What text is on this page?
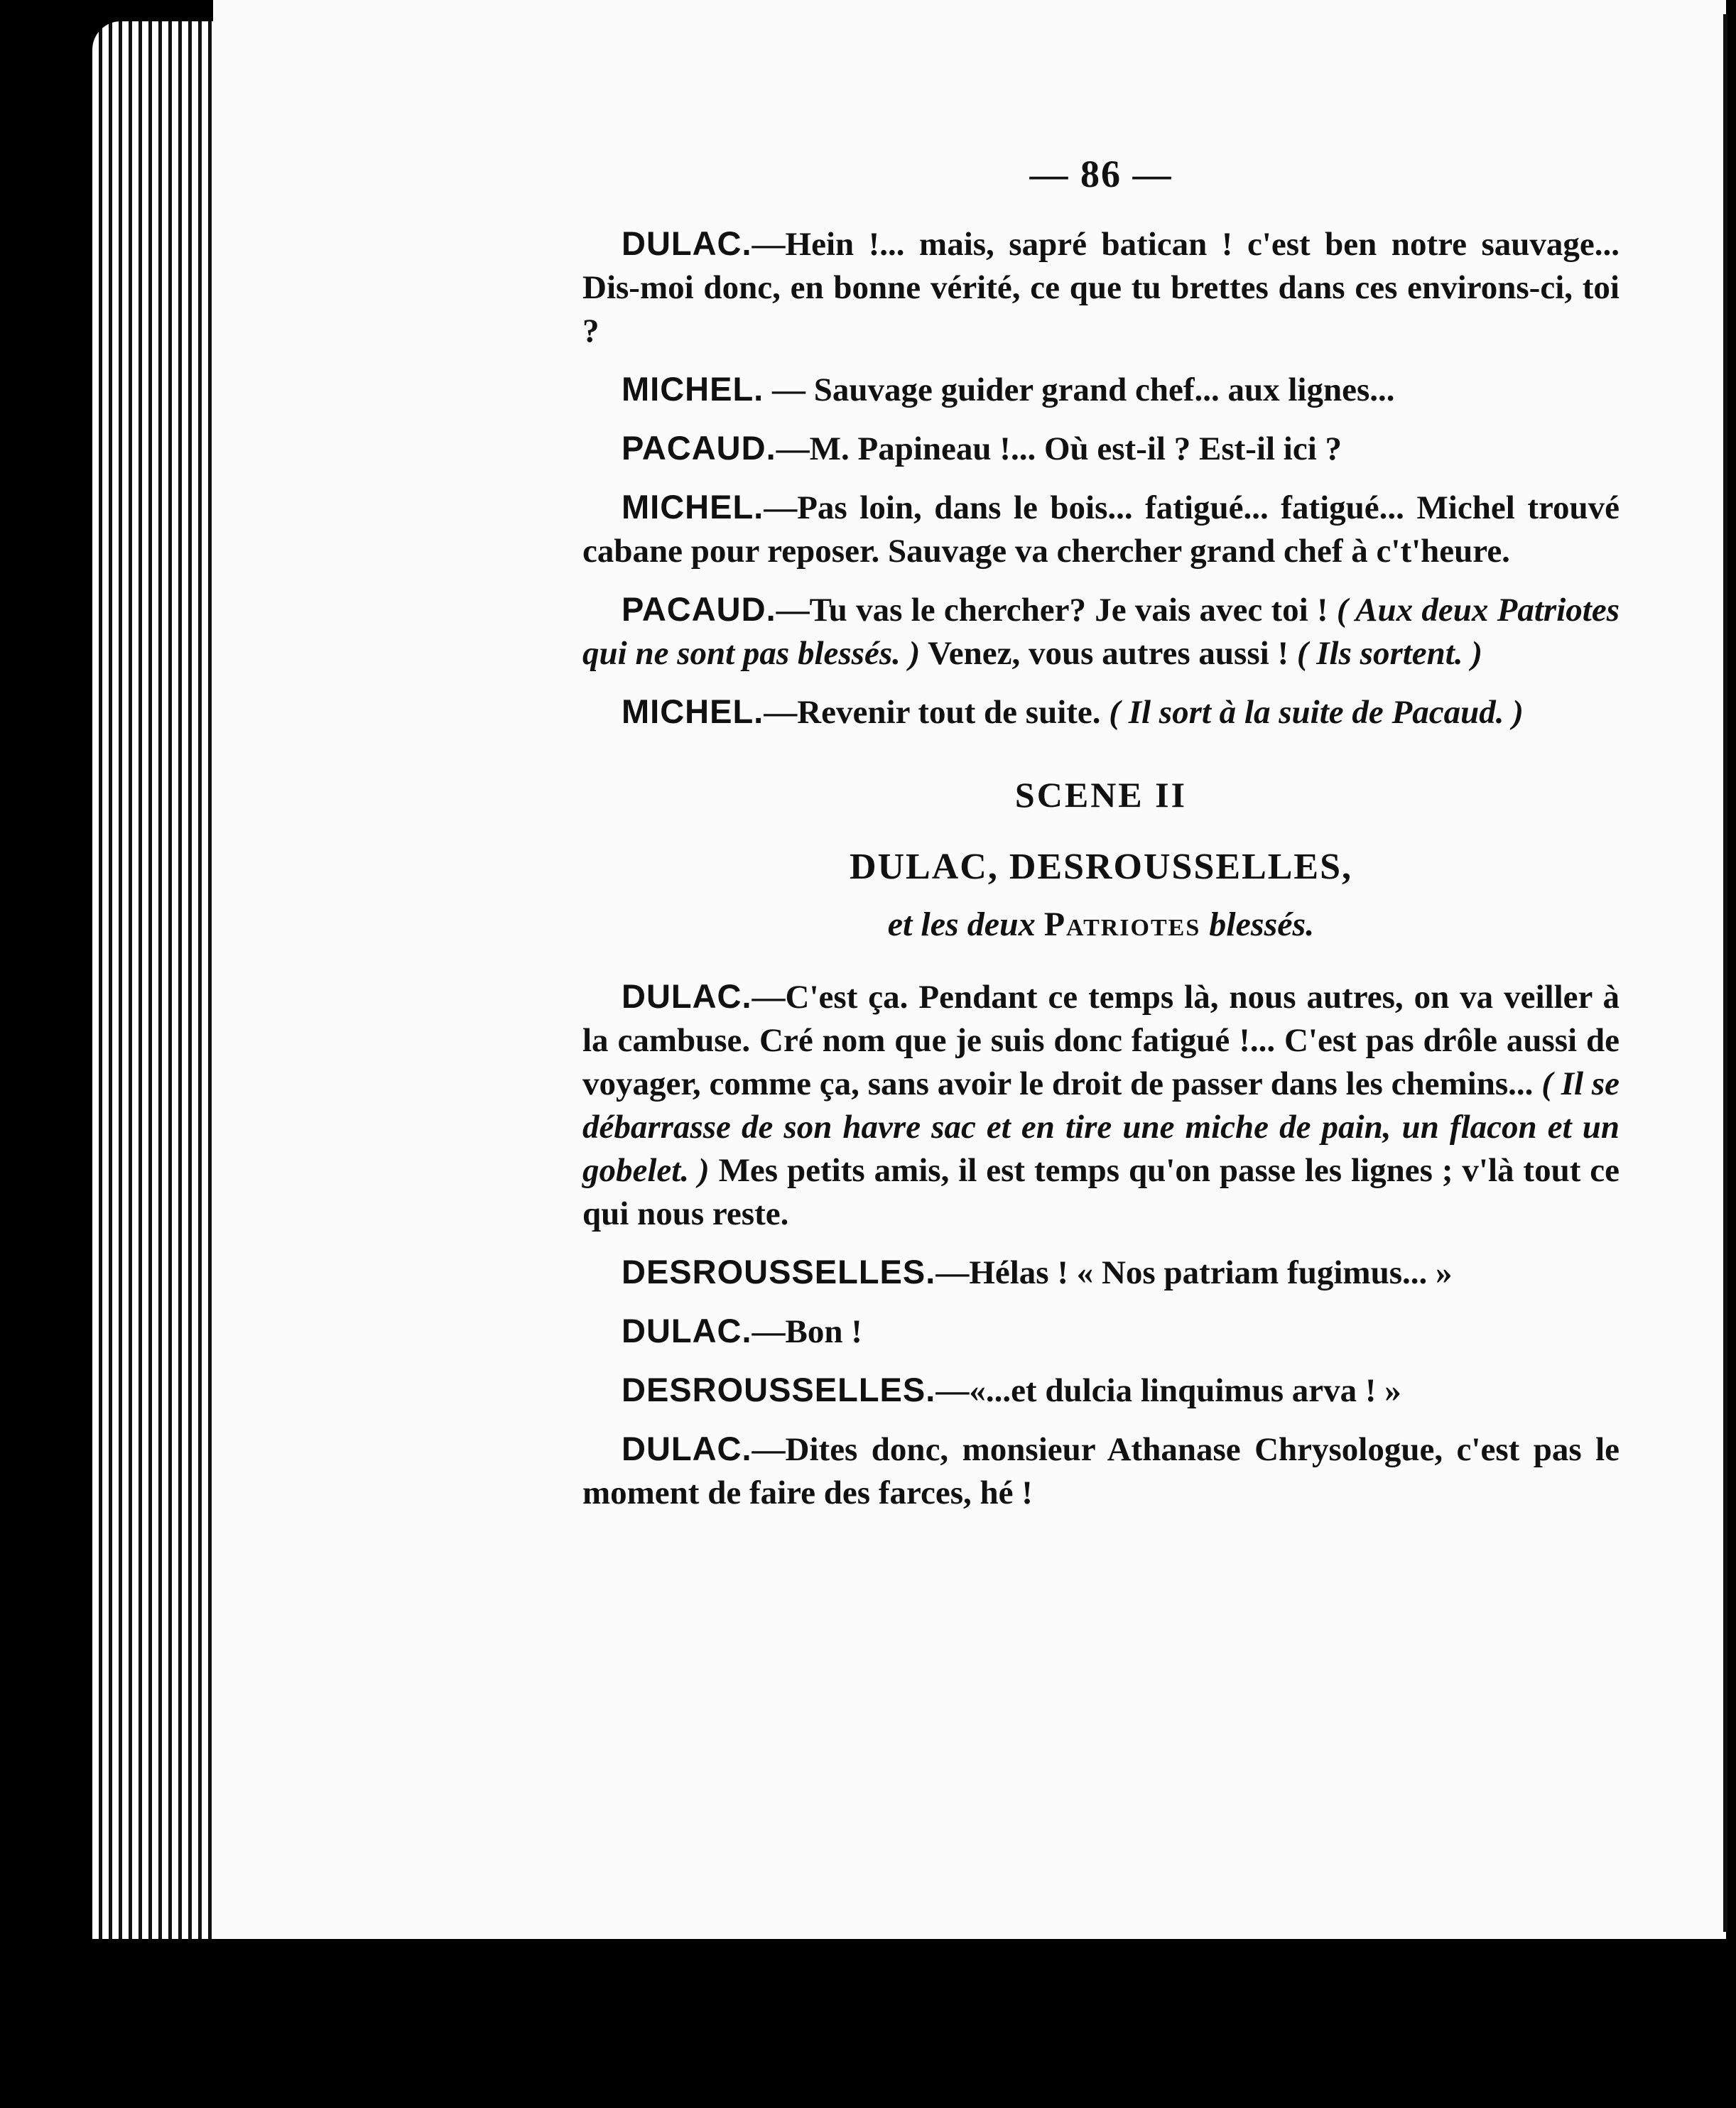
— 86 —

DULAC.—Hein !... mais, sapré batican ! c'est ben notre sauvage... Dis-moi donc, en bonne vérité, ce que tu brettes dans ces environs-ci, toi ?

MICHEL. — Sauvage guider grand chef... aux lignes...

PACAUD.—M. Papineau !... Où est-il ? Est-il ici ?

MICHEL.—Pas loin, dans le bois... fatigué... fatigué... Michel trouvé cabane pour reposer. Sauvage va chercher grand chef à c't'heure.

PACAUD.—Tu vas le chercher? Je vais avec toi ! ( Aux deux Patriotes qui ne sont pas blessés. ) Venez, vous autres aussi ! ( Ils sortent. )

MICHEL.—Revenir tout de suite. ( Il sort à la suite de Pacaud. )

SCENE II
DULAC, DESROUSSELLES,
et les deux Patriotes blessés.

DULAC.—C'est ça. Pendant ce temps là, nous autres, on va veiller à la cambuse. Cré nom que je suis donc fatigué !... C'est pas drôle aussi de voyager, comme ça, sans avoir le droit de passer dans les chemins... ( Il se débarrasse de son havre sac et en tire une miche de pain, un flacon et un gobelet. ) Mes petits amis, il est temps qu'on passe les lignes ; v'là tout ce qui nous reste.

DESROUSSELLES.—Hélas ! « Nos patriam fugimus... »

DULAC.—Bon !

DESROUSSELLES.—«...et dulcia linquimus arva ! »

DULAC.—Dites donc, monsieur Athanase Chrysologue, c'est pas le moment de faire des farces, hé !
